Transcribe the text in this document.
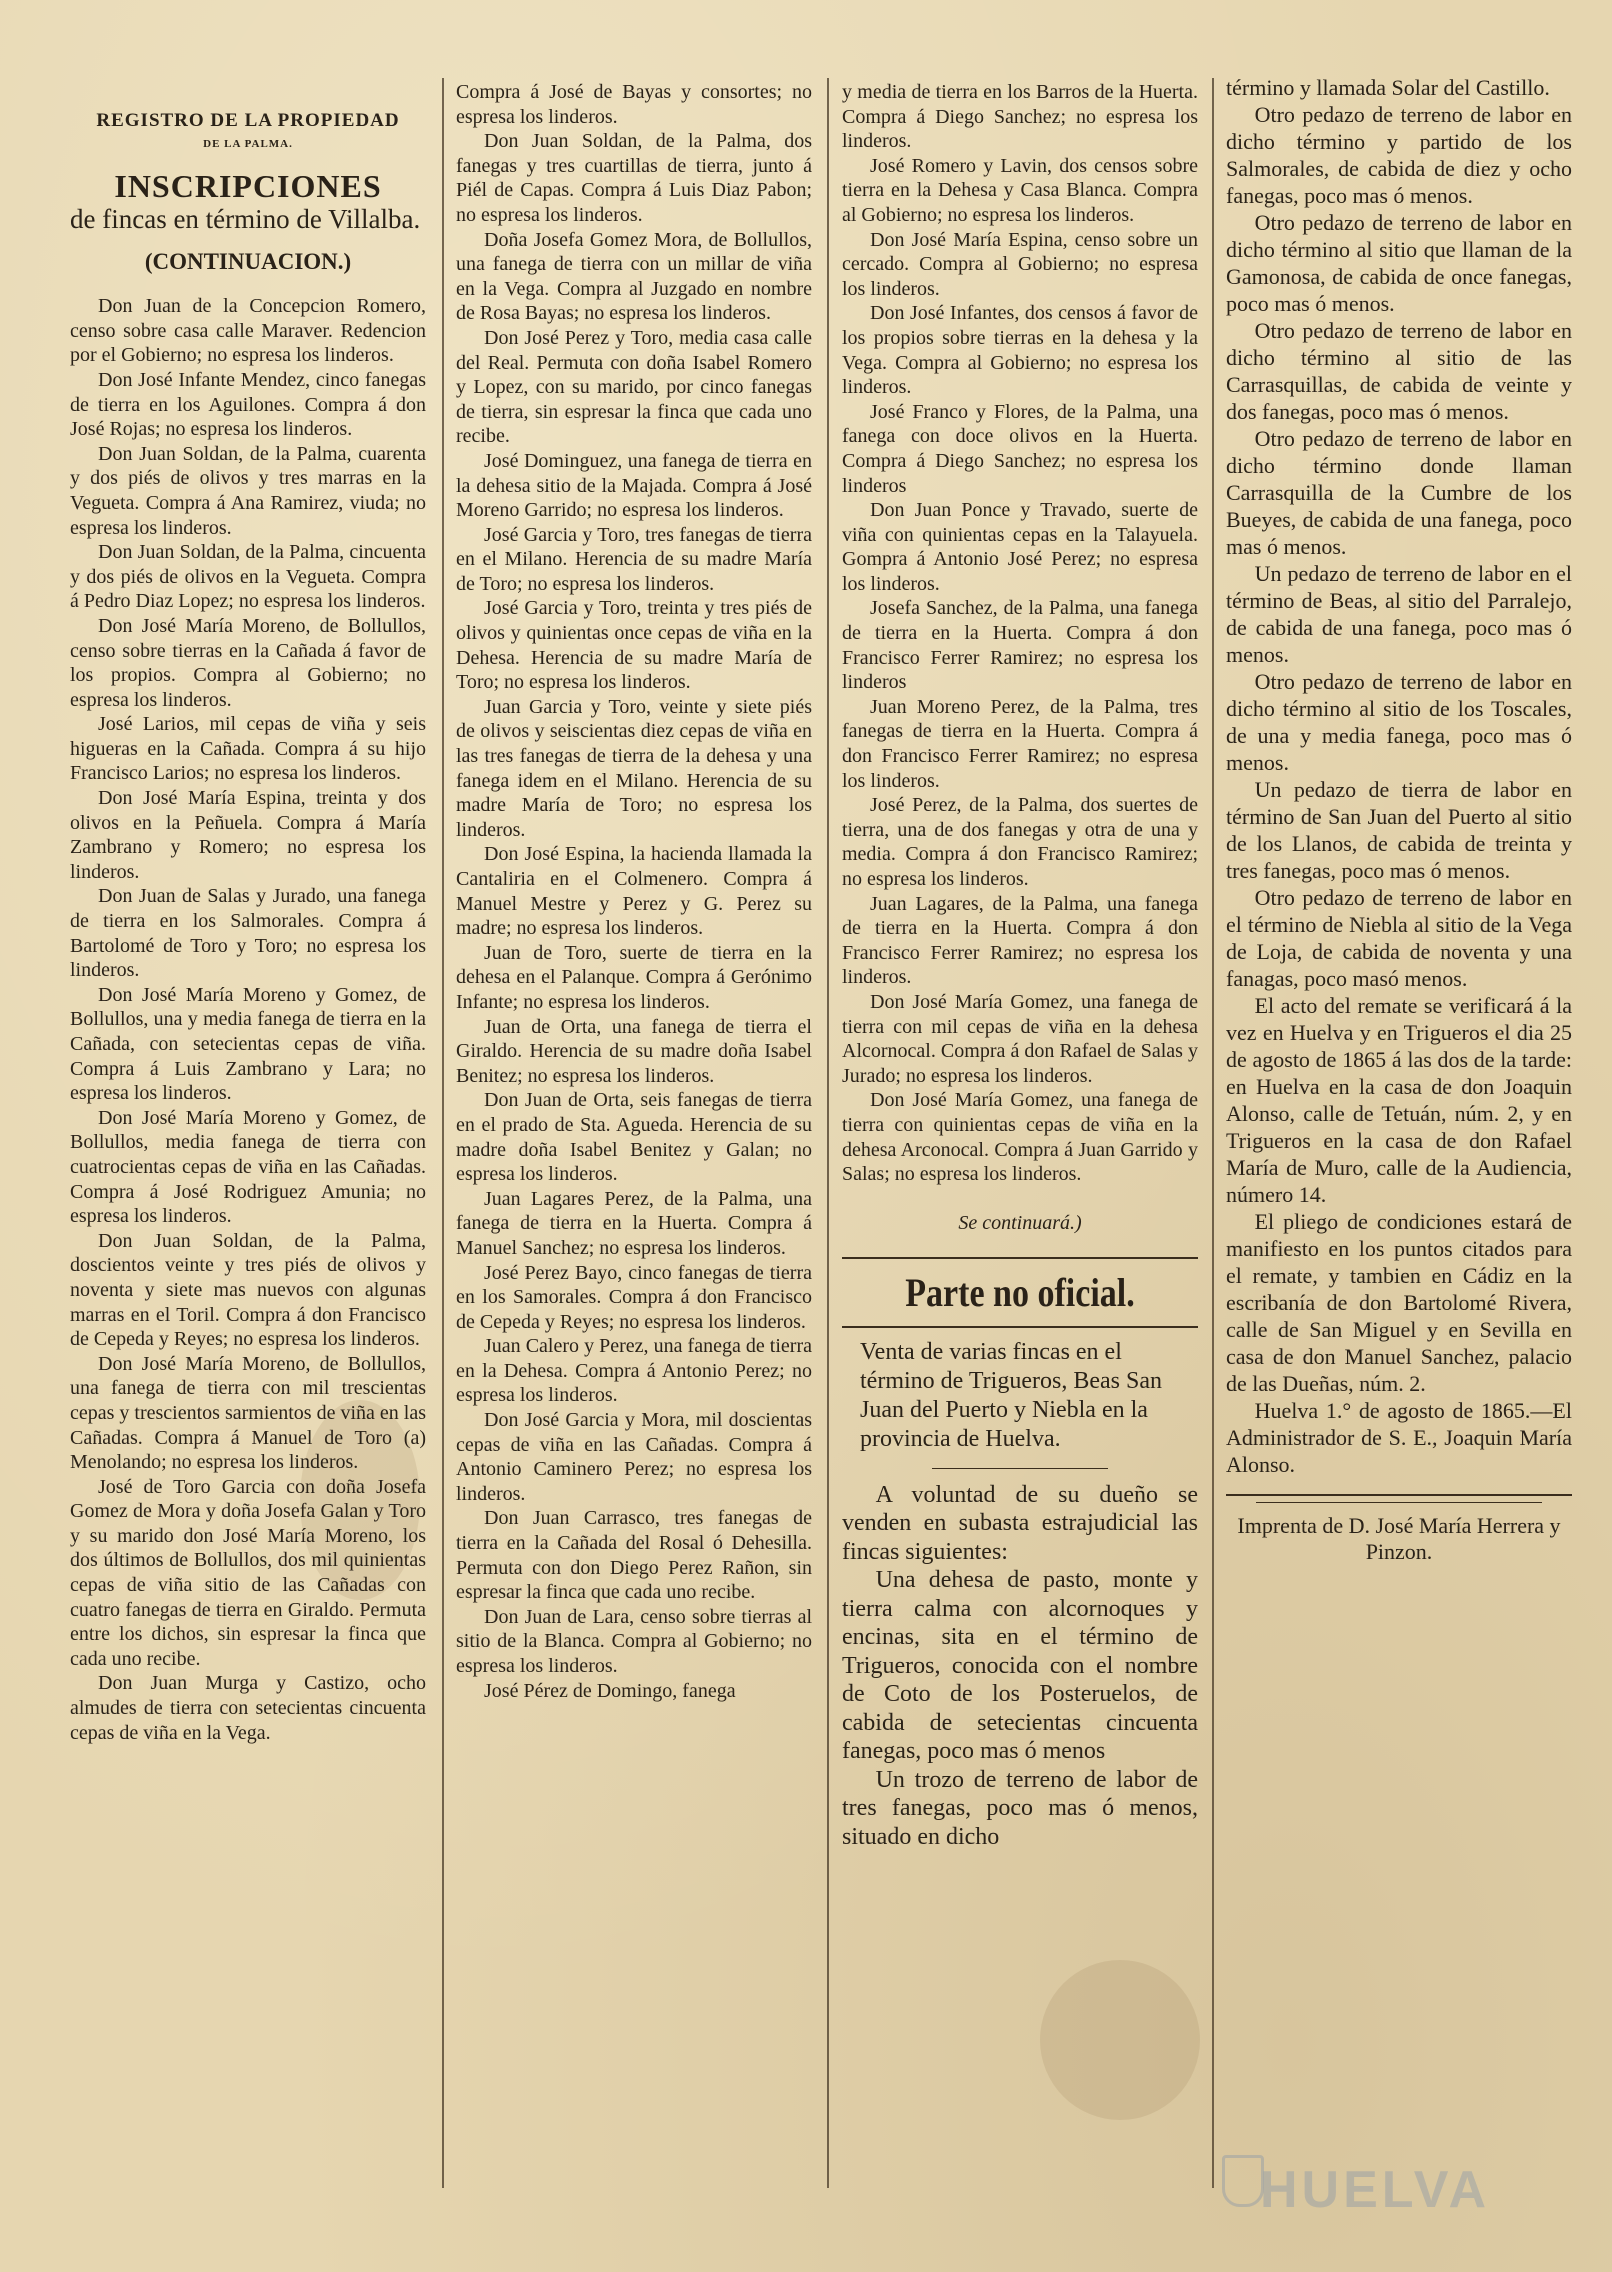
REGISTRO DE LA PROPIEDAD
DE LA PALMA.
INSCRIPCIONES
de fincas en término de Villalba.
(CONTINUACION.)

Don Juan de la Concepcion Romero, censo sobre casa calle Maraver. Redencion por el Gobierno; no espresa los linderos.

Don José Infante Mendez, cinco fanegas de tierra en los Aguilones. Compra á don José Rojas; no espresa los linderos.

Don Juan Soldan, de la Palma, cuarenta y dos piés de olivos y tres marras en la Vegueta. Compra á Ana Ramirez, viuda; no espresa los linderos.

Don Juan Soldan, de la Palma, cincuenta y dos piés de olivos en la Vegueta. Compra á Pedro Diaz Lopez; no espresa los linderos.

Don José María Moreno, de Bollullos, censo sobre tierras en la Cañada á favor de los propios. Compra al Gobierno; no espresa los linderos.

José Larios, mil cepas de viña y seis higueras en la Cañada. Compra á su hijo Francisco Larios; no espresa los linderos.

Don José María Espina, treinta y dos olivos en la Peñuela. Compra á María Zambrano y Romero; no espresa los linderos.

Don Juan de Salas y Jurado, una fanega de tierra en los Salmorales. Compra á Bartolomé de Toro y Toro; no espresa los linderos.

Don José María Moreno y Gomez, de Bollullos, una y media fanega de tierra en la Cañada, con setecientas cepas de viña. Compra á Luis Zambrano y Lara; no espresa los linderos.

Don José María Moreno y Gomez, de Bollullos, media fanega de tierra con cuatrocientas cepas de viña en las Cañadas. Compra á José Rodriguez Amunia; no espresa los linderos.

Don Juan Soldan, de la Palma, doscientos veinte y tres piés de olivos y noventa y siete mas nuevos con algunas marras en el Toril. Compra á don Francisco de Cepeda y Reyes; no espresa los linderos.

Don José María Moreno, de Bollullos, una fanega de tierra con mil trescientas cepas y trescientos sarmientos de viña en las Cañadas. Compra á Manuel de Toro (a) Menolando; no espresa los linderos.

José de Toro Garcia con doña Josefa Gomez de Mora y doña Josefa Galan y Toro y su marido don José María Moreno, los dos últimos de Bollullos, dos mil quinientas cepas de viña sitio de las Cañadas con cuatro fanegas de tierra en Giraldo. Permuta entre los dichos, sin espresar la finca que cada uno recibe.

Don Juan Murga y Castizo, ocho almudes de tierra con setecientas cincuenta cepas de viña en la Vega.

Compra á José de Bayas y consortes; no espresa los linderos.

Don Juan Soldan, de la Palma, dos fanegas y tres cuartillas de tierra, junto á Piél de Capas. Compra á Luis Diaz Pabon; no espresa los linderos.

Doña Josefa Gomez Mora, de Bollullos, una fanega de tierra con un millar de viña en la Vega. Compra al Juzgado en nombre de Rosa Bayas; no espresa los linderos.

Don José Perez y Toro, media casa calle del Real. Permuta con doña Isabel Romero y Lopez, con su marido, por cinco fanegas de tierra, sin espresar la finca que cada uno recibe.

José Dominguez, una fanega de tierra en la dehesa sitio de la Majada. Compra á José Moreno Garrido; no espresa los linderos.

José Garcia y Toro, tres fanegas de tierra en el Milano. Herencia de su madre María de Toro; no espresa los linderos.

José Garcia y Toro, treinta y tres piés de olivos y quinientas once cepas de viña en la Dehesa. Herencia de su madre María de Toro; no espresa los linderos.

Juan Garcia y Toro, veinte y siete piés de olivos y seiscientas diez cepas de viña en las tres fanegas de tierra de la dehesa y una fanega idem en el Milano. Herencia de su madre María de Toro; no espresa los linderos.

Don José Espina, la hacienda llamada la Cantaliria en el Colmenero. Compra á Manuel Mestre y Perez y G. Perez su madre; no espresa los linderos.

Juan de Toro, suerte de tierra en la dehesa en el Palanque. Compra á Gerónimo Infante; no espresa los linderos.

Juan de Orta, una fanega de tierra el Giraldo. Herencia de su madre doña Isabel Benitez; no espresa los linderos.

Don Juan de Orta, seis fanegas de tierra en el prado de Sta. Agueda. Herencia de su madre doña Isabel Benitez y Galan; no espresa los linderos.

Juan Lagares Perez, de la Palma, una fanega de tierra en la Huerta. Compra á Manuel Sanchez; no espresa los linderos.

José Perez Bayo, cinco fanegas de tierra en los Samorales. Compra á don Francisco de Cepeda y Reyes; no espresa los linderos.

Juan Calero y Perez, una fanega de tierra en la Dehesa. Compra á Antonio Perez; no espresa los linderos.

Don José Garcia y Mora, mil doscientas cepas de viña en las Cañadas. Compra á Antonio Caminero Perez; no espresa los linderos.

Don Juan Carrasco, tres fanegas de tierra en la Cañada del Rosal ó Dehesilla. Permuta con don Diego Perez Rañon, sin espresar la finca que cada uno recibe.

Don Juan de Lara, censo sobre tierras al sitio de la Blanca. Compra al Gobierno; no espresa los linderos.

José Pérez de Domingo, fanega

y media de tierra en los Barros de la Huerta. Compra á Diego Sanchez; no espresa los linderos.

José Romero y Lavin, dos censos sobre tierra en la Dehesa y Casa Blanca. Compra al Gobierno; no espresa los linderos.

Don José María Espina, censo sobre un cercado. Compra al Gobierno; no espresa los linderos.

Don José Infantes, dos censos á favor de los propios sobre tierras en la dehesa y la Vega. Compra al Gobierno; no espresa los linderos.

José Franco y Flores, de la Palma, una fanega con doce olivos en la Huerta. Compra á Diego Sanchez; no espresa los linderos

Don Juan Ponce y Travado, suerte de viña con quinientas cepas en la Talayuela. Gompra á Antonio José Perez; no espresa los linderos.

Josefa Sanchez, de la Palma, una fanega de tierra en la Huerta. Compra á don Francisco Ferrer Ramirez; no espresa los linderos

Juan Moreno Perez, de la Palma, tres fanegas de tierra en la Huerta. Compra á don Francisco Ferrer Ramirez; no espresa los linderos.

José Perez, de la Palma, dos suertes de tierra, una de dos fanegas y otra de una y media. Compra á don Francisco Ramirez; no espresa los linderos.

Juan Lagares, de la Palma, una fanega de tierra en la Huerta. Compra á don Francisco Ferrer Ramirez; no espresa los linderos.

Don José María Gomez, una fanega de tierra con mil cepas de viña en la dehesa Alcornocal. Compra á don Rafael de Salas y Jurado; no espresa los linderos.

Don José María Gomez, una fanega de tierra con quinientas cepas de viña en la dehesa Arconocal. Compra á Juan Garrido y Salas; no espresa los linderos.

Se continuará.)
Parte no oficial.
Venta de varias fincas en el término de Trigueros, Beas San Juan del Puerto y Niebla en la provincia de Huelva.

A voluntad de su dueño se venden en subasta estrajudicial las fincas siguientes:

Una dehesa de pasto, monte y tierra calma con alcornoques y encinas, sita en el término de Trigueros, conocida con el nombre de Coto de los Posteruelos, de cabida de setecientas cincuenta fanegas, poco mas ó menos

Un trozo de terreno de labor de tres fanegas, poco mas ó menos, situado en dicho

término y llamada Solar del Castillo.

Otro pedazo de terreno de labor en dicho término y partido de los Salmorales, de cabida de diez y ocho fanegas, poco mas ó menos.

Otro pedazo de terreno de labor en dicho término al sitio que llaman de la Gamonosa, de cabida de once fanegas, poco mas ó menos.

Otro pedazo de terreno de labor en dicho término al sitio de las Carrasquillas, de cabida de veinte y dos fanegas, poco mas ó menos.

Otro pedazo de terreno de labor en dicho término donde llaman Carrasquilla de la Cumbre de los Bueyes, de cabida de una fanega, poco mas ó menos.

Un pedazo de terreno de labor en el término de Beas, al sitio del Parralejo, de cabida de una fanega, poco mas ó menos.

Otro pedazo de terreno de labor en dicho término al sitio de los Toscales, de una y media fanega, poco mas ó menos.

Un pedazo de tierra de labor en término de San Juan del Puerto al sitio de los Llanos, de cabida de treinta y tres fanegas, poco mas ó menos.

Otro pedazo de terreno de labor en el término de Niebla al sitio de la Vega de Loja, de cabida de noventa y una fanagas, poco masó menos.

El acto del remate se verificará á la vez en Huelva y en Trigueros el dia 25 de agosto de 1865 á las dos de la tarde: en Huelva en la casa de don Joaquin Alonso, calle de Tetuán, núm. 2, y en Trigueros en la casa de don Rafael María de Muro, calle de la Audiencia, número 14.

El pliego de condiciones estará de manifiesto en los puntos citados para el remate, y tambien en Cádiz en la escribanía de don Bartolomé Rivera, calle de San Miguel y en Sevilla en casa de don Manuel Sanchez, palacio de las Dueñas, núm. 2.

Huelva 1.° de agosto de 1865.—El Administrador de S. E., Joaquin María Alonso.

Imprenta de D. José María Herrera y Pinzon.
HUELVA
